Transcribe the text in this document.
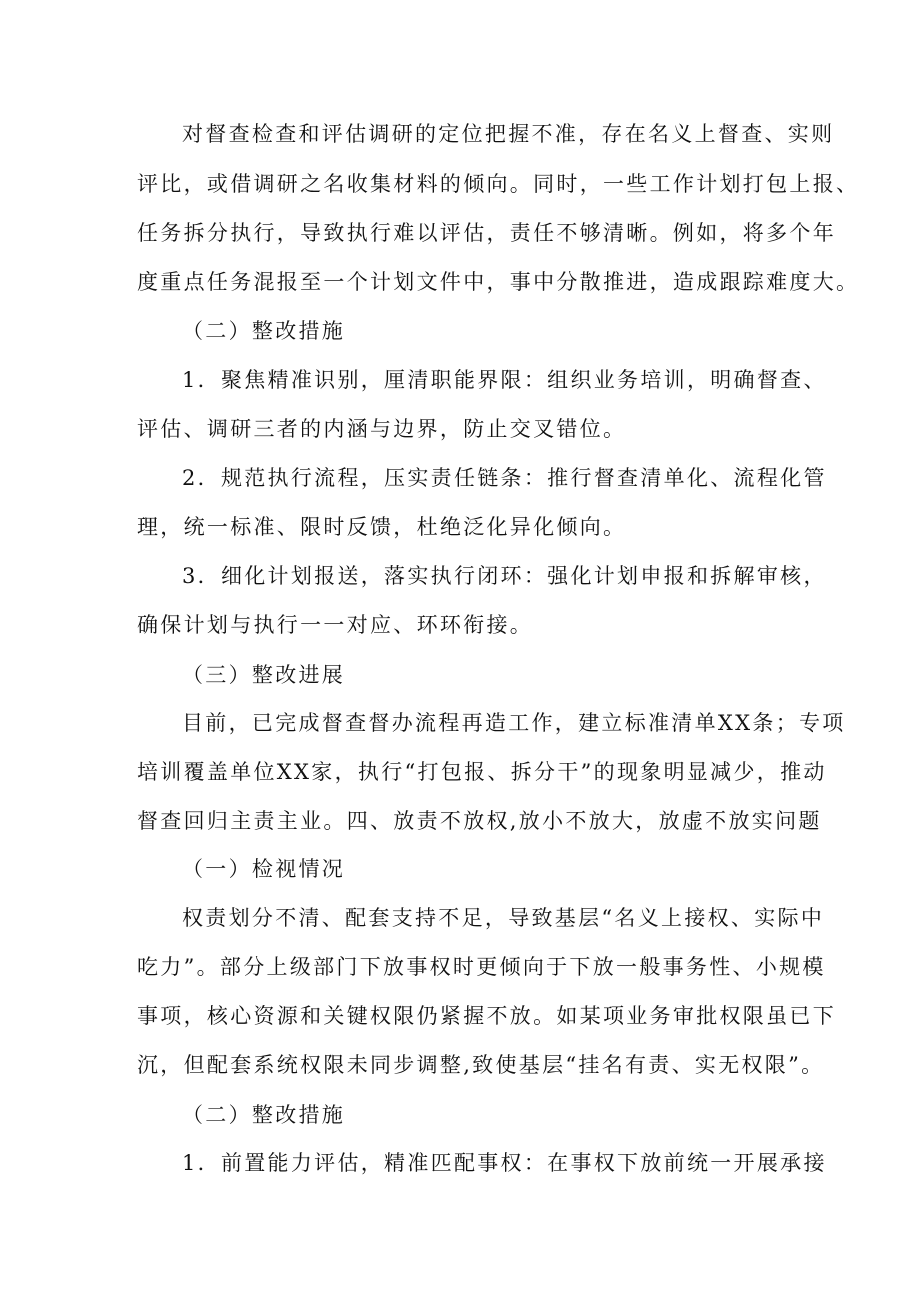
对督查检查和评估调研的定位把握不准，存在名义上督查、实则
评比，或借调研之名收集材料的倾向。同时，一些工作计划打包上报、
任务拆分执行，导致执行难以评估，责任不够清晰。例如，将多个年
度重点任务混报至一个计划文件中，事中分散推进，造成跟踪难度大。
（二）整改措施
1．聚焦精准识别，厘清职能界限：组织业务培训，明确督查、
评估、调研三者的内涵与边界，防止交叉错位。
2．规范执行流程，压实责任链条：推行督查清单化、流程化管
理，统一标准、限时反馈，杜绝泛化异化倾向。
3．细化计划报送，落实执行闭环：强化计划申报和拆解审核，
确保计划与执行一一对应、环环衔接。
（三）整改进展
目前，已完成督查督办流程再造工作，建立标准清单XX条；专项
培训覆盖单位XX家，执行“打包报、拆分干”的现象明显减少，推动
督查回归主责主业。四、放责不放权,放小不放大，放虚不放实问题
（一）检视情况
权责划分不清、配套支持不足，导致基层“名义上接权、实际中
吃力”。部分上级部门下放事权时更倾向于下放一般事务性、小规模
事项，核心资源和关键权限仍紧握不放。如某项业务审批权限虽已下
沉，但配套系统权限未同步调整,致使基层“挂名有责、实无权限”。
（二）整改措施
1．前置能力评估，精准匹配事权：在事权下放前统一开展承接
